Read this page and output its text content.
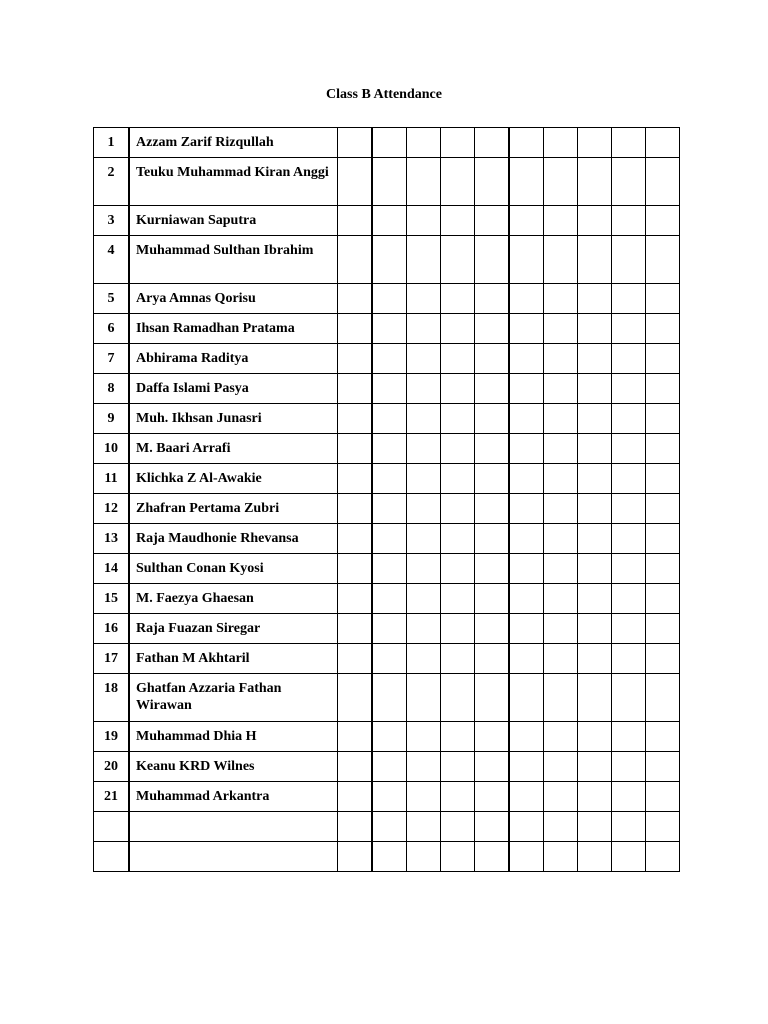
Class B Attendance
1	Azzam Zarif Rizqullah										
2	Teuku Muhammad Kiran Anggi										
3	Kurniawan Saputra										
4	Muhammad Sulthan Ibrahim										
5	Arya Amnas Qorisu										
6	Ihsan Ramadhan Pratama										
7	Abhirama Raditya										
8	Daffa Islami Pasya										
9	Muh. Ikhsan Junasri										
10	M. Baari Arrafi										
11	Klichka Z Al-Awakie										
12	Zhafran Pertama Zubri										
13	Raja Maudhonie Rhevansa										
14	Sulthan Conan Kyosi										
15	M. Faezya Ghaesan										
16	Raja Fuazan Siregar										
17	Fathan M Akhtaril										
18	Ghatfan Azzaria Fathan Wirawan										
19	Muhammad Dhia H										
20	Keanu KRD Wilnes										
21	Muhammad Arkantra										
